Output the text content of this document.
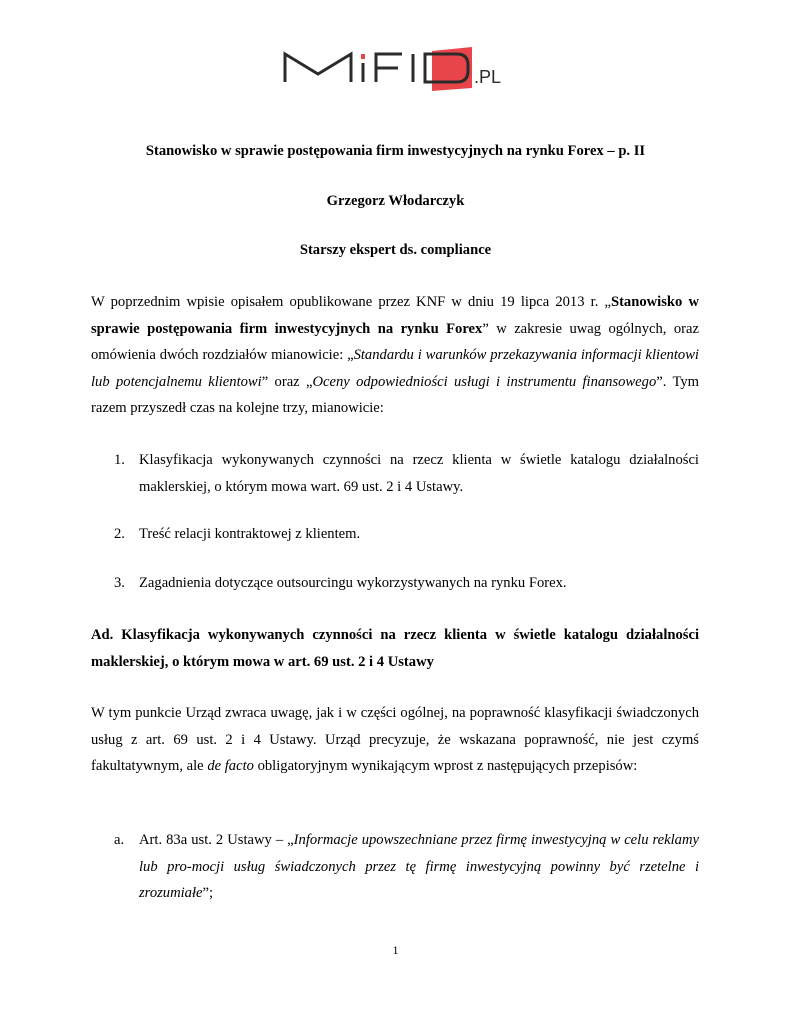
.PL
Stanowisko w sprawie postępowania firm inwestycyjnych na rynku Forex – p. II
Grzegorz Włodarczyk
Starszy ekspert ds. compliance
W poprzednim wpisie opisałem opublikowane przez KNF w dniu 19 lipca 2013 r. „Stanowisko w sprawie postępowania firm inwestycyjnych na rynku Forex” w zakresie uwag ogólnych, oraz omówienia dwóch rozdziałów mianowicie: „Standardu i warunków przekazywania informacji klientowi lub potencjalnemu klientowi” oraz „Oceny odpowiedniości usługi i instrumentu finansowego”. Tym razem przyszedł czas na kolejne trzy, mianowicie:
1. Klasyfikacja wykonywanych czynności na rzecz klienta w świetle katalogu działalności maklerskiej, o którym mowa wart. 69 ust. 2 i 4 Ustawy.
2. Treść relacji kontraktowej z klientem.
3. Zagadnienia dotyczące outsourcingu wykorzystywanych na rynku Forex.
Ad. Klasyfikacja wykonywanych czynności na rzecz klienta w świetle katalogu działalności maklerskiej, o którym mowa w art. 69 ust. 2 i 4 Ustawy
W tym punkcie Urząd zwraca uwagę, jak i w części ogólnej, na poprawność klasyfikacji świadczonych usług z art. 69 ust. 2 i 4 Ustawy. Urząd precyzuje, że wskazana poprawność, nie jest czymś fakultatywnym, ale de facto obligatoryjnym wynikającym wprost z następujących przepisów:
a. Art. 83a ust. 2 Ustawy – „Informacje upowszechniane przez firmę inwestycyjną w celu reklamy lub pro-mocji usług świadczonych przez tę firmę inwestycyjną powinny być rzetelne i zrozumiałe”;
1
